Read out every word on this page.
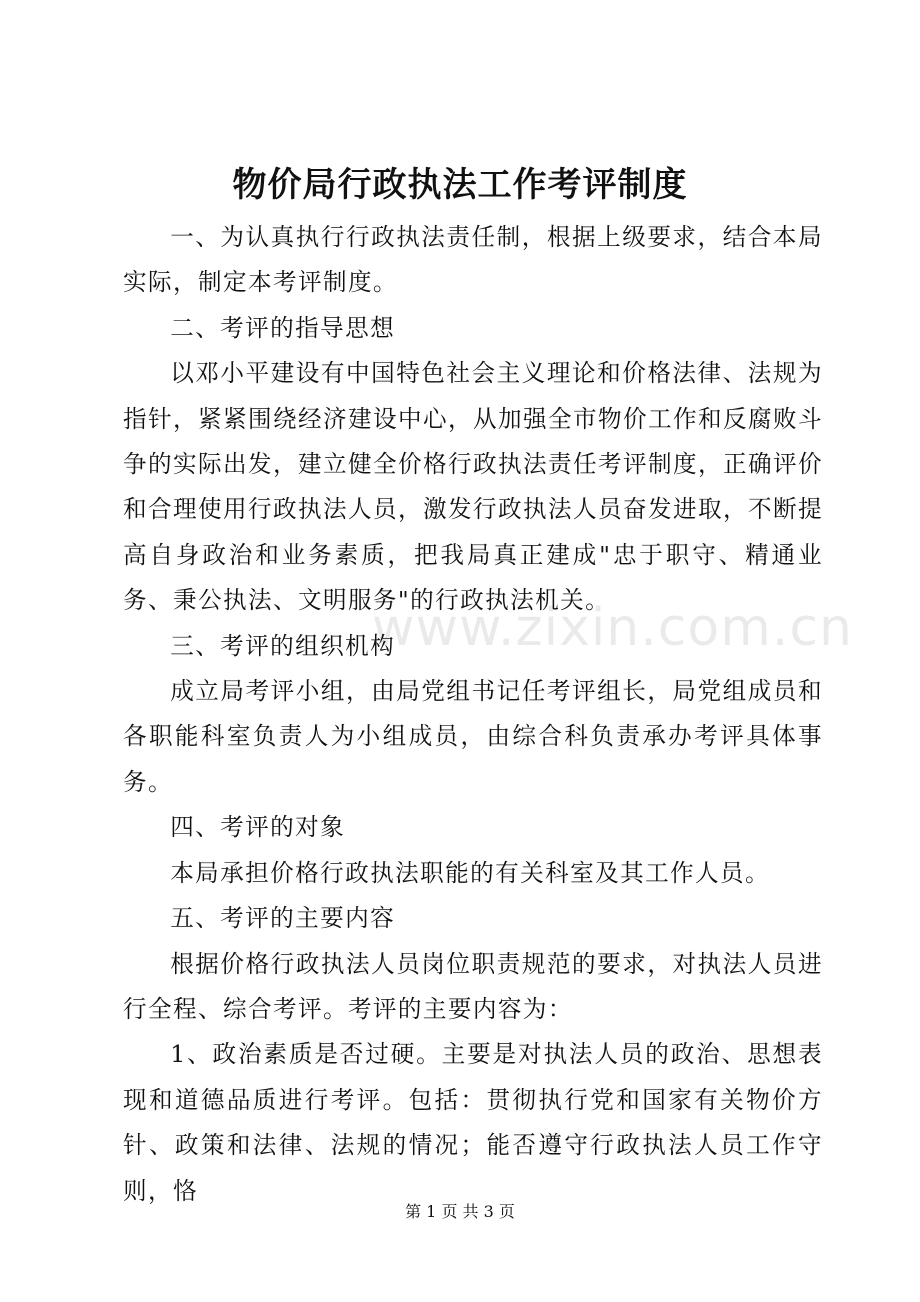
物价局行政执法工作考评制度

一、为认真执行行政执法责任制，根据上级要求，结合本局实际，制定本考评制度。

二、考评的指导思想

以邓小平建设有中国特色社会主义理论和价格法律、法规为指针，紧紧围绕经济建设中心，从加强全市物价工作和反腐败斗争的实际出发，建立健全价格行政执法责任考评制度，正确评价和合理使用行政执法人员，激发行政执法人员奋发进取，不断提高自身政治和业务素质，把我局真正建成"忠于职守、精通业务、秉公执法、文明服务"的行政执法机关。

三、考评的组织机构

成立局考评小组，由局党组书记任考评组长，局党组成员和各职能科室负责人为小组成员，由综合科负责承办考评具体事务。

四、考评的对象

本局承担价格行政执法职能的有关科室及其工作人员。

五、考评的主要内容

根据价格行政执法人员岗位职责规范的要求，对执法人员进行全程、综合考评。考评的主要内容为：

1、政治素质是否过硬。主要是对执法人员的政治、思想表现和道德品质进行考评。包括：贯彻执行党和国家有关物价方针、政策和法律、法规的情况；能否遵守行政执法人员工作守则，恪

www.zixin.com.cn
第 1 页 共 3 页
